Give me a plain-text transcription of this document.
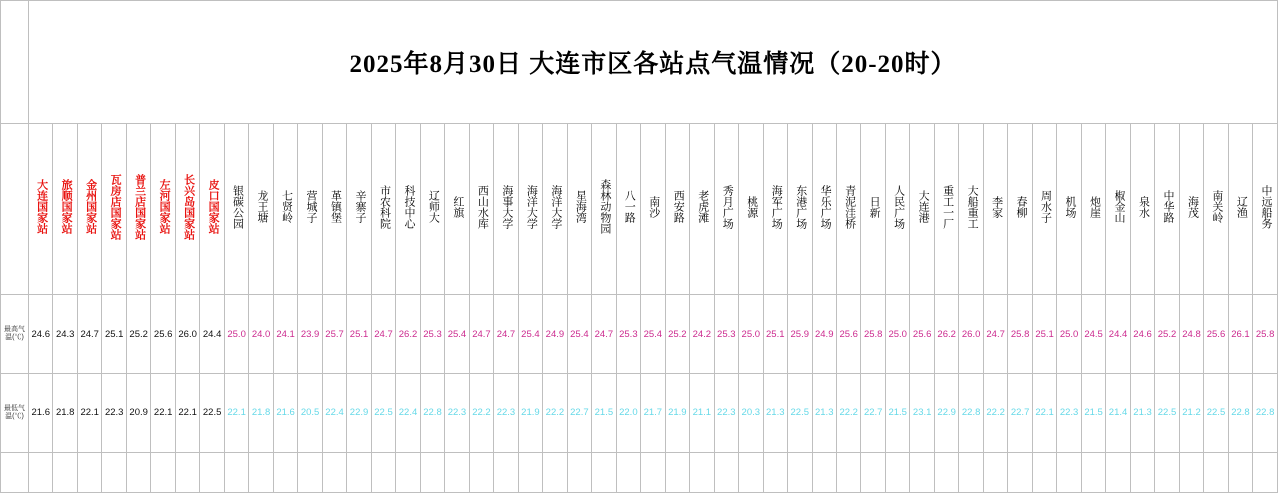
	2025年8月30日 大连市区各站点气温情况（20-20时）																																																		
	大连国家站	旅顺国家站	金州国家站	瓦房店国家站	普兰店国家站	左河国家站	长兴岛国家站	皮口国家站	银碳公园	龙王塘	七贤岭	营城子	革镇堡	辛寨子	市农科院	科技中心	辽师大	红旗	西山水库	海事大学	海洋大学	海洋大学	星海湾	森林动物园	八一路	南沙	西安路	老虎滩	秀月广场	桃源	海军广场	东港广场	华乐广场	青泥洼桥	日新	人民广场	大连港	重工一厂	大船重工	李家	春柳	周水子	机场	炮崖	椒金山	泉水	中华路	海茂	南关岭	辽渔	中远船务

最高气温(℃)	24.6	24.3	24.7	25.1	25.2	25.6	26.0	24.4	25.0	24.0	24.1	23.9	25.7	25.1	24.7	26.2	25.3	25.4	24.7	24.7	25.4	24.9	25.4	24.7	25.3	25.4	25.2	24.2	25.3	25.0	25.1	25.9	24.9	25.6	25.8	25.0	25.6	26.2	26.0	24.7	25.8	25.1	25.0	24.5	24.4	24.6	25.2	24.8	25.6	26.1	25.8

最低气温(℃)	21.6	21.8	22.1	22.3	20.9	22.1	22.1	22.5	22.1	21.8	21.6	20.5	22.4	22.9	22.5	22.4	22.8	22.3	22.2	22.3	21.9	22.2	22.7	21.5	22.0	21.7	21.9	21.1	22.3	20.3	21.3	22.5	21.3	22.2	22.7	21.5	23.1	22.9	22.8	22.2	22.7	22.1	22.3	21.5	21.4	21.3	22.5	21.2	22.5	22.8	22.8
